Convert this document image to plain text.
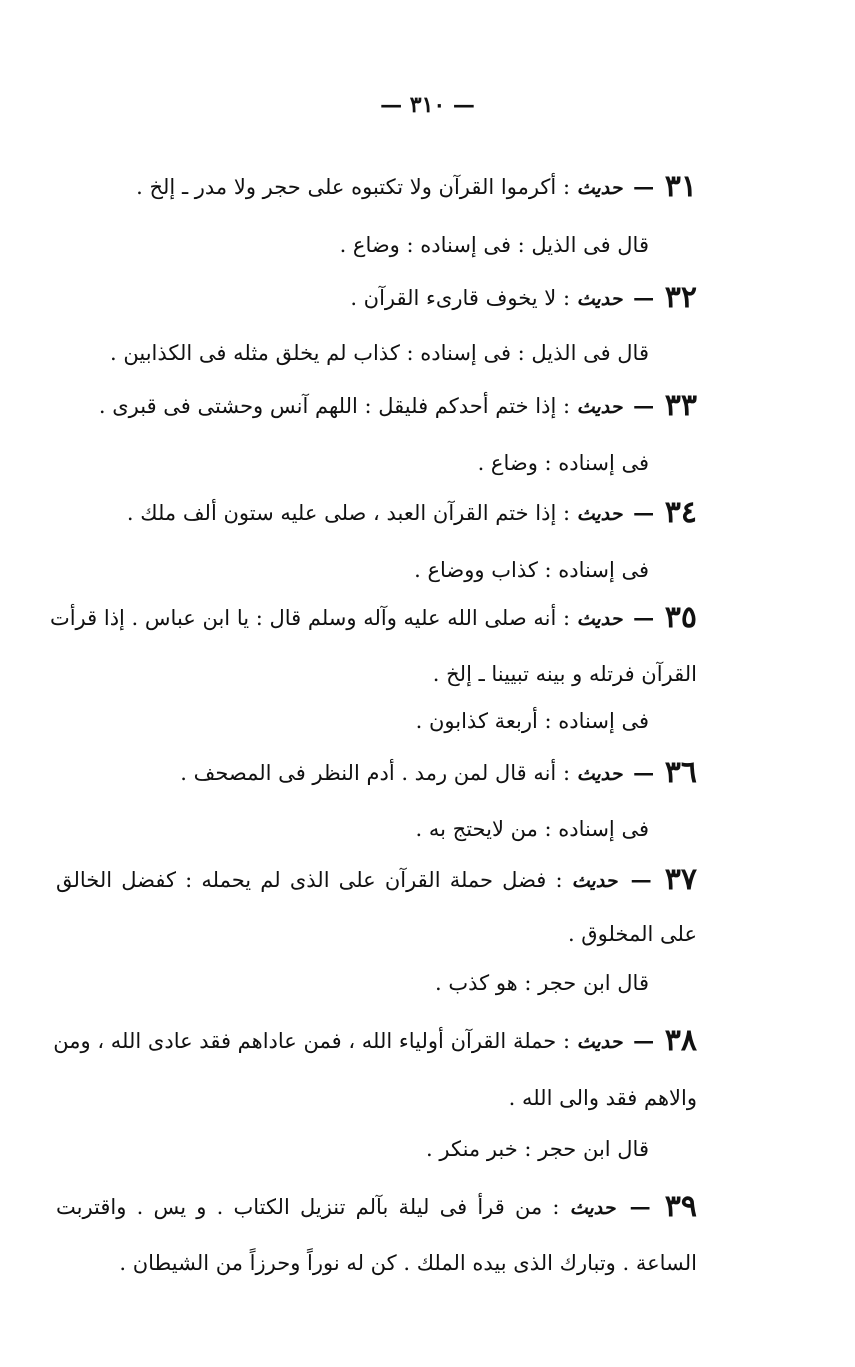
— ٣١٠ —
٣١ — حديث : أكرموا القرآن ولا تكتبوه على حجر ولا مدر ـ إلخ .
قال فى الذيل : فى إسناده : وضاع .
٣٢ — حديث : لا يخوف قارىء القرآن .
قال فى الذيل : فى إسناده : كذاب لم يخلق مثله فى الكذابين .
٣٣ — حديث : إذا ختم أحدكم فليقل : اللهم آنس وحشتى فى قبرى .
فى إسناده : وضاع .
٣٤ — حديث : إذا ختم القرآن العبد ، صلى عليه ستون ألف ملك .
فى إسناده : كذاب ووضاع .
٣٥ — حديث : أنه صلى الله عليه وآله وسلم قال : يا ابن عباس . إذا قرأت
القرآن فرتله و بينه تبيينا ـ إلخ .
فى إسناده : أربعة كذابون .
٣٦ — حديث : أنه قال لمن رمد . أدم النظر فى المصحف .
فى إسناده : من لايحتج به .
٣٧ — حديث : فضل حملة القرآن على الذى لم يحمله : كفضل الخالق
على المخلوق .
قال ابن حجر : هو كذب .
٣٨ — حديث : حملة القرآن أولياء الله ، فمن عاداهم فقد عادى الله ، ومن
والاهم فقد والى الله .
قال ابن حجر : خبر منكر .
٣٩ — حديث : من قرأ فى ليلة بآلم تنزيل الكتاب . و يس . واقتربت
الساعة . وتبارك الذى بيده الملك . كن له نوراً وحرزاً من الشيطان .
